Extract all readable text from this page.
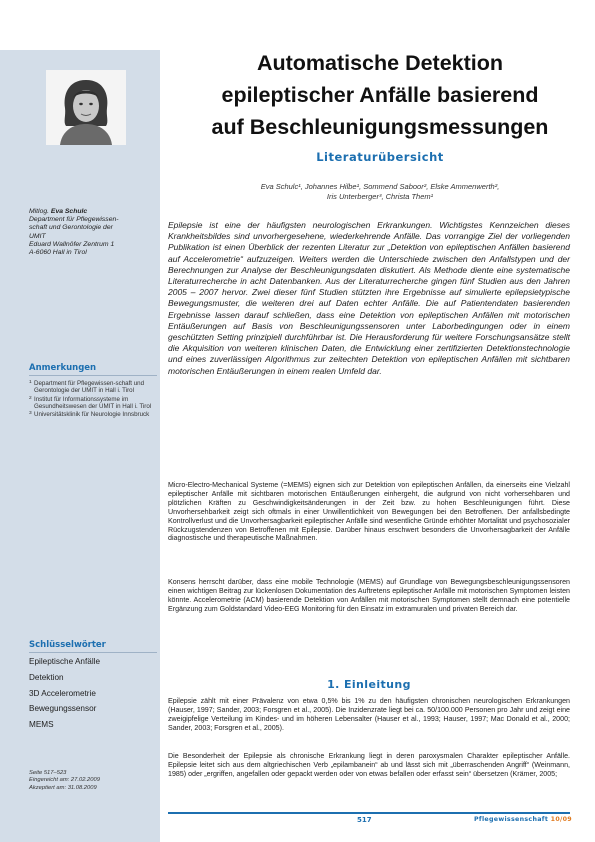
Automatische Detektion
epileptischer Anfälle basierend
auf Beschleunigungsmessungen
Literaturübersicht
Eva Schulc¹, Johannes Hilbe¹, Sommend Saboor², Elske Ammenwerth²,
Iris Unterberger³, Christa Them¹
Mitlog. Eva Schulc
Department für Pflegewissen-
schaft und Gerontologie der
UMIT
Eduard Wallnöfer Zentrum 1
A-6060 Hall in Tirol
Anmerkungen
1 Department für Pflegewissen-schaft und Gerontologie der UMIT in Hall i. Tirol
2 Institut für Informationssysteme im Gesundheitswesen der UMIT in Hall i. Tirol
3 Universitätsklinik für Neurologie Innsbruck
Schlüsselwörter
Epileptische Anfälle
Detektion
3D Accelerometrie
Bewegungssensor
MEMS
Seite 517–523
Eingereicht am: 27.02.2009
Akzeptiert am: 31.08.2009
Epilepsie ist eine der häufigsten neurologischen Erkrankungen. Wichtigstes Kennzeichen dieses Krankheitsbildes sind unvorhergesehene, wiederkehrende Anfälle. Das vorrangige Ziel der vorliegenden Publikation ist einen Überblick der rezenten Literatur zur „Detektion von epileptischen Anfällen basierend auf Accelerometrie“ aufzuzeigen. Weiters werden die Unterschiede zwischen den Anfallstypen und der Berechnungen zur Analyse der Beschleunigungsdaten diskutiert. Als Methode diente eine systematische Literaturrecherche in acht Datenbanken. Aus der Literaturrecherche gingen fünf Studien aus den Jahren 2005 – 2007 hervor. Zwei dieser fünf Studien stützten ihre Ergebnisse auf simulierte epilepsietypische Bewegungsmuster, die weiteren drei auf Daten echter Anfälle. Die auf Patientendaten basierenden Ergebnisse lassen darauf schließen, dass eine Detektion von epileptischen Anfällen mit motorischen Entäußerungen auf Basis von Beschleunigungssensoren unter Laborbedingungen oder in einem geschützten Setting prinzipiell durchführbar ist. Die Herausforderung für weitere Forschungsansätze stellt die Akquisition von weiteren klinischen Daten, die Entwicklung einer zertifizierten Detektionstechnologie und eines zuverlässigen Algorithmus zur zeitechten Detektion von epileptischen Anfällen mit sichtbaren motorischen Entäußerungen in einem realen Umfeld dar.

Micro-Electro-Mechanical Systeme (=MEMS) eignen sich zur Detektion von epileptischen Anfällen, da einerseits eine Vielzahl epileptischer Anfälle mit sichtbaren motorischen Entäußerungen einhergeht, die aufgrund von nicht vorhersehbaren und plötzlichen Kräften zu Geschwindigkeitsänderungen in der Zeit bzw. zu hohen Beschleunigungen führt. Diese Unvorhersehbarkeit zeigt sich oftmals in einer Unwillentlichkeit von Bewegungen bei den Betroffenen. Der anfallsbedingte Kontrollverlust und die Unvorhersagbarkeit epileptischer Anfälle sind wesentliche Gründe erhöhter Mortalität und psychosozialer Rückzugstendenzen von Betroffenen mit Epilepsie. Darüber hinaus erschwert besonders die Unvorhersagbarkeit der Anfälle diagnostische und therapeutische Maßnahmen.

Konsens herrscht darüber, dass eine mobile Technologie (MEMS) auf Grundlage von Bewegungsbeschleunigungssensoren einen wichtigen Beitrag zur lückenlosen Dokumentation des Auftretens epileptischer Anfälle mit motorischen Symptomen leisten könnte. Accelerometrie (ACM) basierende Detektion von Anfällen mit motorischen Symptomen stellt demnach eine potentielle Ergänzung zum Goldstandard Video-EEG Monitoring für den Einsatz im extramuralen und privaten Bereich dar.

1. Einleitung

Epilepsie zählt mit einer Prävalenz von etwa 0,5% bis 1% zu den häufigsten chronischen neurologischen Erkrankungen (Hauser, 1997; Sander, 2003; Forsgren et al., 2005). Die Inzidenzrate liegt bei ca. 50/100.000 Personen pro Jahr und zeigt eine zweigipfelige Verteilung im Kindes- und im höheren Lebensalter (Hauser et al., 1993; Hauser, 1997; Mac Donald et al., 2000; Sander, 2003; Forsgren et al., 2005).

Die Besonderheit der Epilepsie als chronische Erkrankung liegt in deren paroxysmalen Charakter epileptischer Anfälle. Epilepsie leitet sich aus dem altgriechischen Verb „epilambanein“ ab und lässt sich mit „überraschenden Angriff“ (Weinmann, 1985) oder „ergriffen, angefallen oder gepackt werden oder von etwas befallen oder erfasst sein“ übersetzen (Krämer, 2005;

517	Pflegewissenschaft 10/09
